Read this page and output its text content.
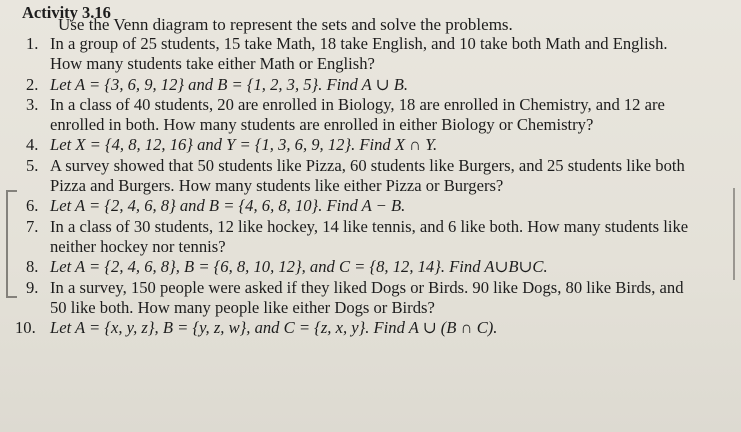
Activity 3.16
Use the Venn diagram to represent the sets and solve the problems.
1. In a group of 25 students, 15 take Math, 18 take English, and 10 take both Math and English. How many students take either Math or English?
2. Let A = {3, 6, 9, 12} and B = {1, 2, 3, 5}. Find A ∪ B.
3. In a class of 40 students, 20 are enrolled in Biology, 18 are enrolled in Chemistry, and 12 are enrolled in both. How many students are enrolled in either Biology or Chemistry?
4. Let X = {4, 8, 12, 16} and Y = {1, 3, 6, 9, 12}. Find X ∩ Y.
5. A survey showed that 50 students like Pizza, 60 students like Burgers, and 25 students like both Pizza and Burgers. How many students like either Pizza or Burgers?
6. Let A = {2, 4, 6, 8} and B = {4, 6, 8, 10}. Find A − B.
7. In a class of 30 students, 12 like hockey, 14 like tennis, and 6 like both. How many students like neither hockey nor tennis?
8. Let A = {2, 4, 6, 8}, B = {6, 8, 10, 12}, and C = {8, 12, 14}. Find A∪B∪C.
9. In a survey, 150 people were asked if they liked Dogs or Birds. 90 like Dogs, 80 like Birds, and 50 like both. How many people like either Dogs or Birds?
10. Let A = {x, y, z}, B = {y, z, w}, and C = {z, x, y}. Find A ∪ (B ∩ C).
